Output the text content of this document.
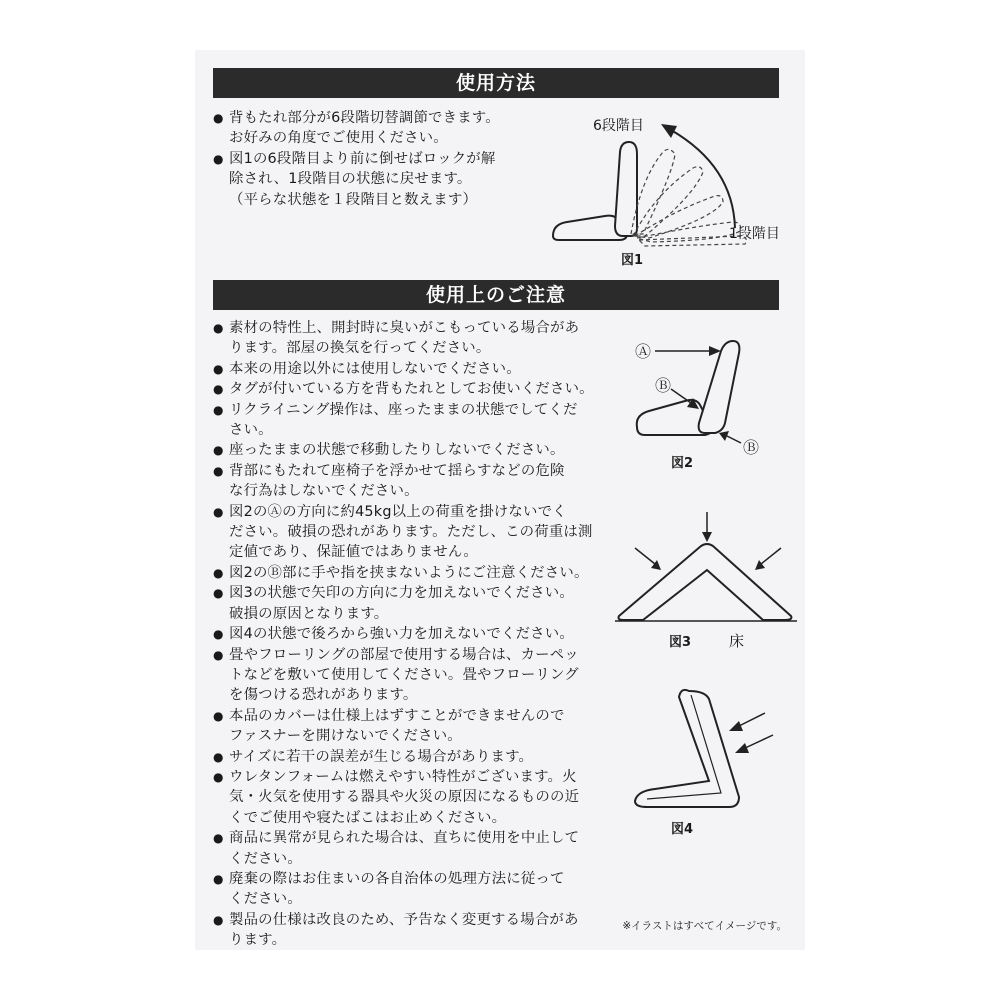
使用方法
● 背もたれ部分が6段階切替調節できます。
お好みの角度でご使用ください。
● 図1の6段階目より前に倒せばロックが解
除され、1段階目の状態に戻せます。
（平らな状態を１段階目と数えます）
6段階目
1段階目
図1
使用上のご注意
● 素材の特性上、開封時に臭いがこもっている場合があ
ります。部屋の換気を行ってください。
● 本来の用途以外には使用しないでください。
● タグが付いている方を背もたれとしてお使いください。
● リクライニング操作は、座ったままの状態でしてくだ
さい。
● 座ったままの状態で移動したりしないでください。
● 背部にもたれて座椅子を浮かせて揺らすなどの危険
な行為はしないでください。
● 図2のⒶの方向に約45kg以上の荷重を掛けないでく
ださい。破損の恐れがあります。ただし、この荷重は測
定値であり、保証値ではありません。
● 図2のⒷ部に手や指を挟まないようにご注意ください。
● 図3の状態で矢印の方向に力を加えないでください。
破損の原因となります。
● 図4の状態で後ろから強い力を加えないでください。
● 畳やフローリングの部屋で使用する場合は、カーペッ
トなどを敷いて使用してください。畳やフローリング
を傷つける恐れがあります。
● 本品のカバーは仕様上はずすことができませんので
ファスナーを開けないでください。
● サイズに若干の誤差が生じる場合があります。
● ウレタンフォームは燃えやすい特性がございます。火
気・火気を使用する器具や火災の原因になるものの近
くでご使用や寝たばこはお止めください。
● 商品に異常が見られた場合は、直ちに使用を中止して
ください。
● 廃棄の際はお住まいの各自治体の処理方法に従って
ください。
● 製品の仕様は改良のため、予告なく変更する場合があ
ります。
Ⓐ
Ⓑ
Ⓑ
図2
図3	床
図4
※イラストはすべてイメージです。
